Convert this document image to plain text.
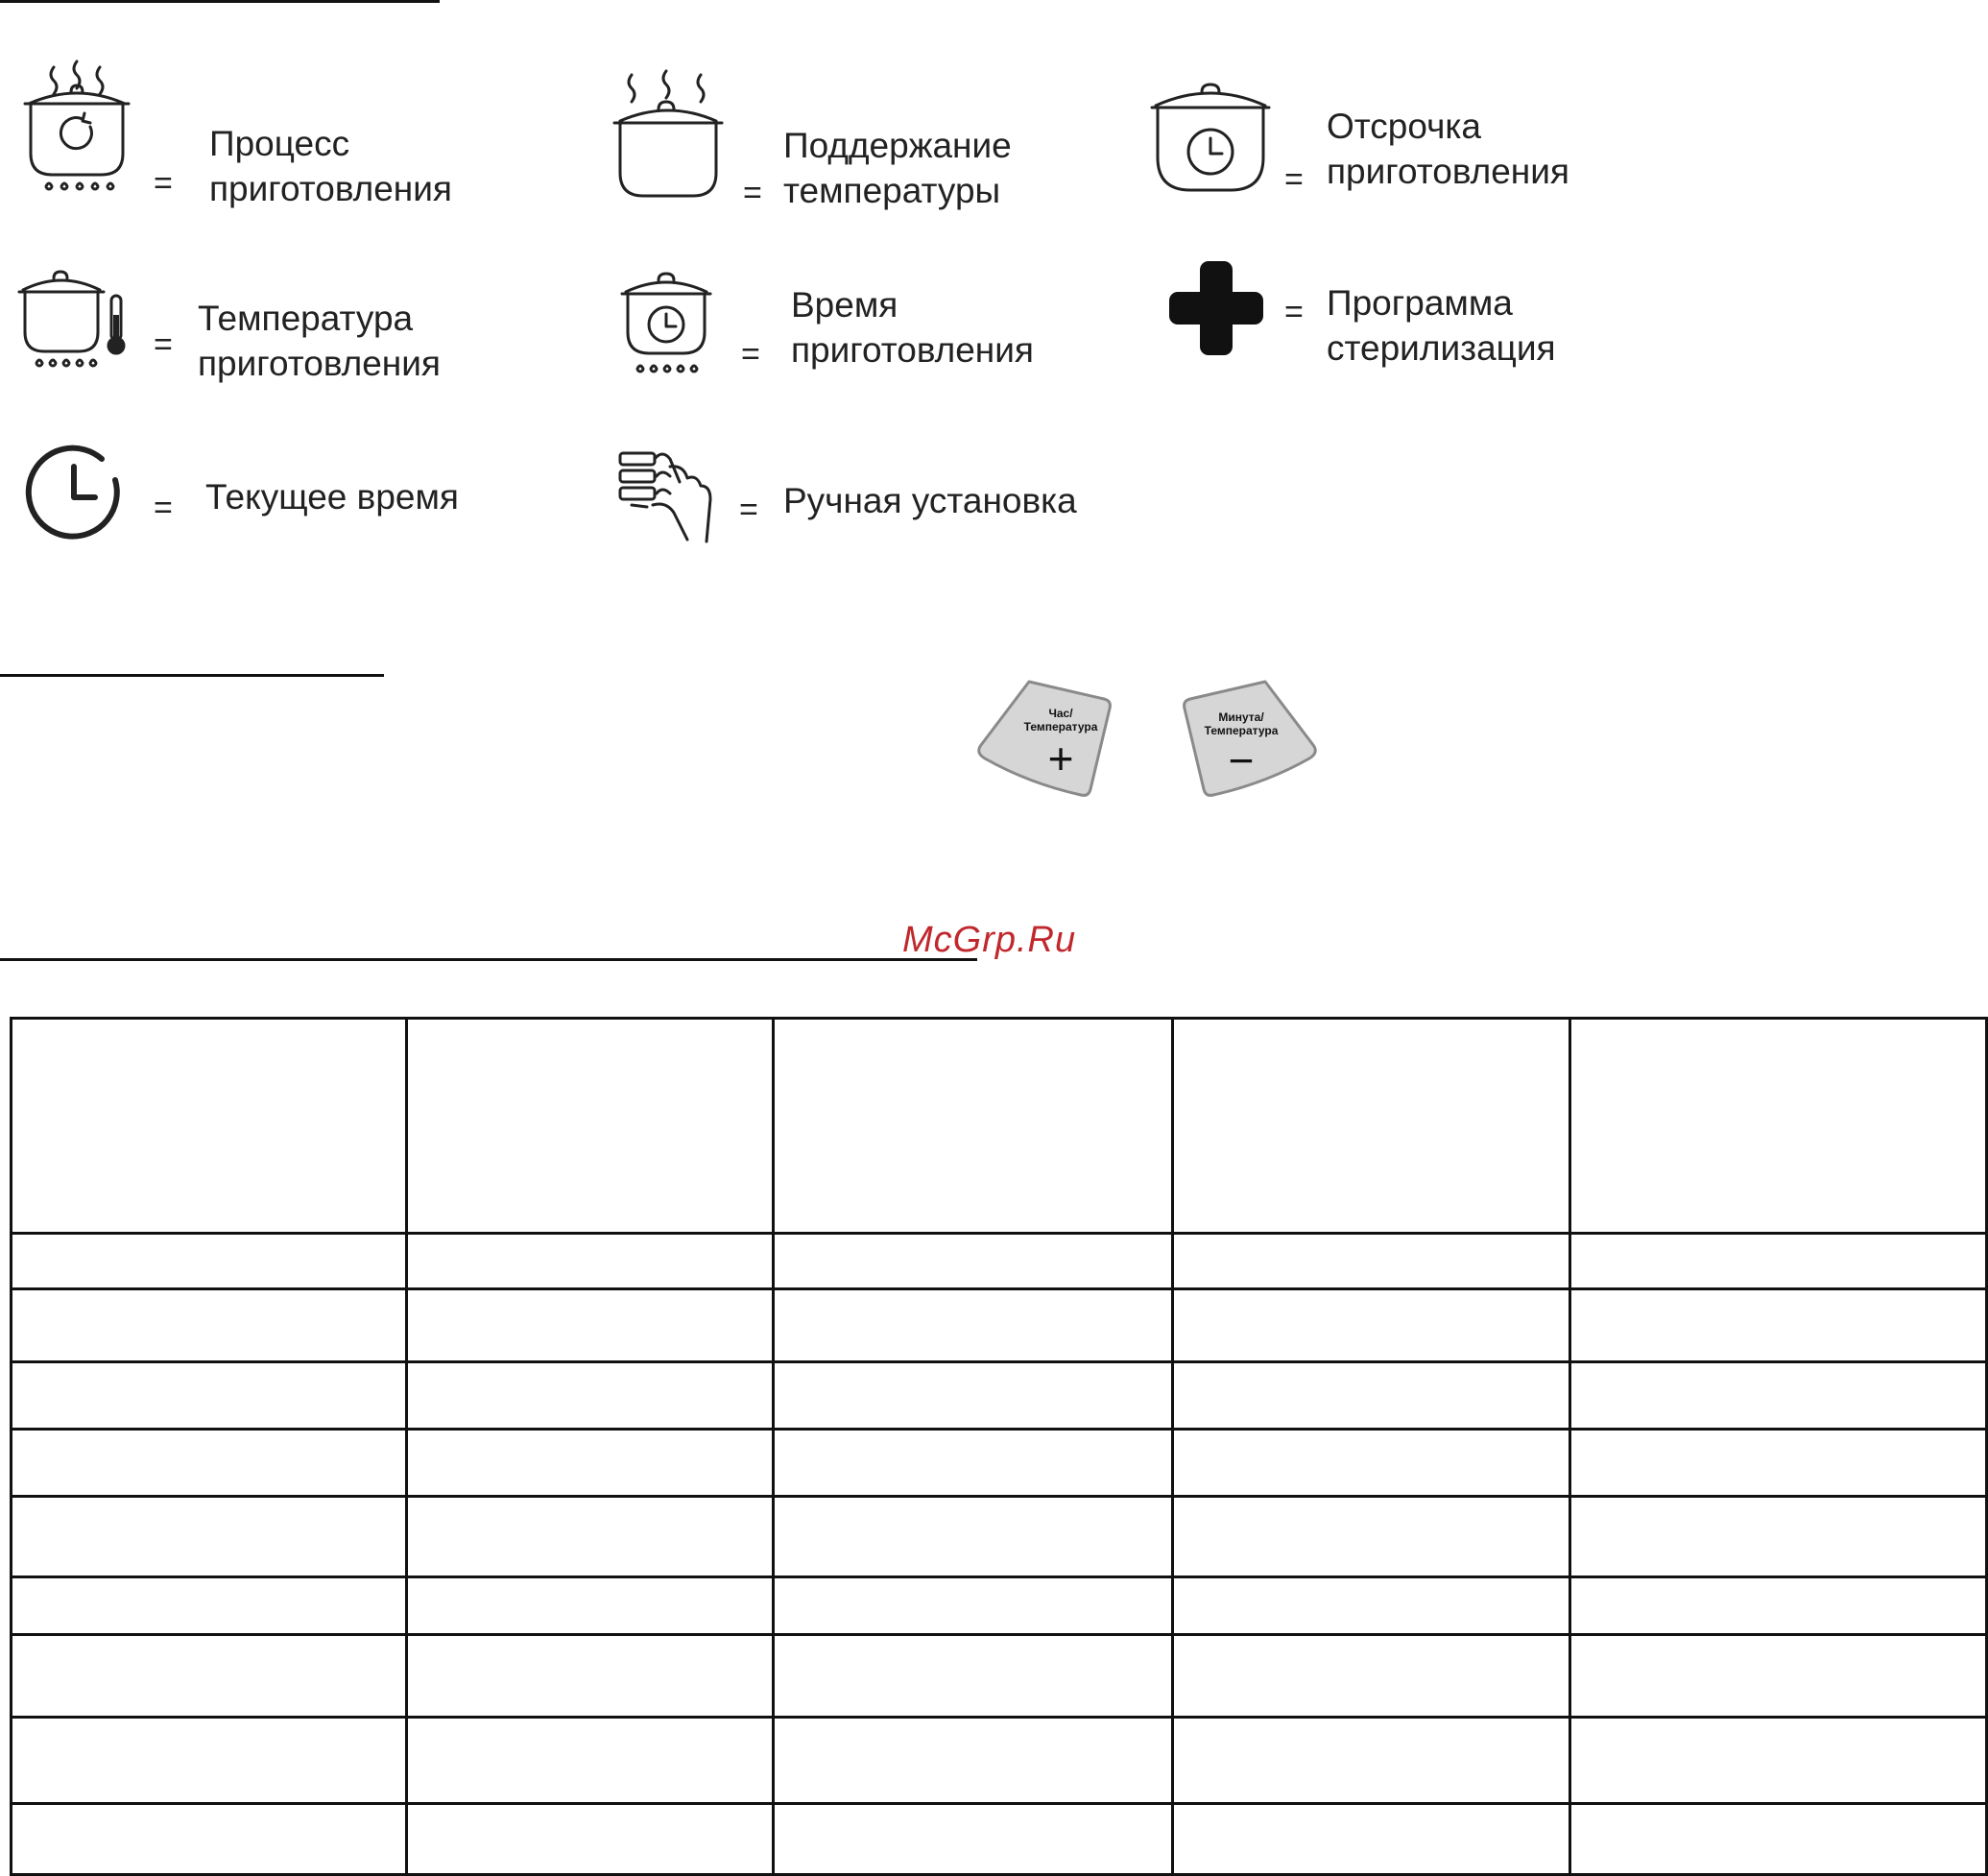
=
Процесс
приготовления	=
Поддержание
температуры	=
Отсрочка
приготовления
=
Температура
приготовления	=
Время
приготовления
= Программа
стерилизация
= Текущее время	= Ручная установка
Час/
Температура
+
Минута/
Температура
−
McGrp.Ru
